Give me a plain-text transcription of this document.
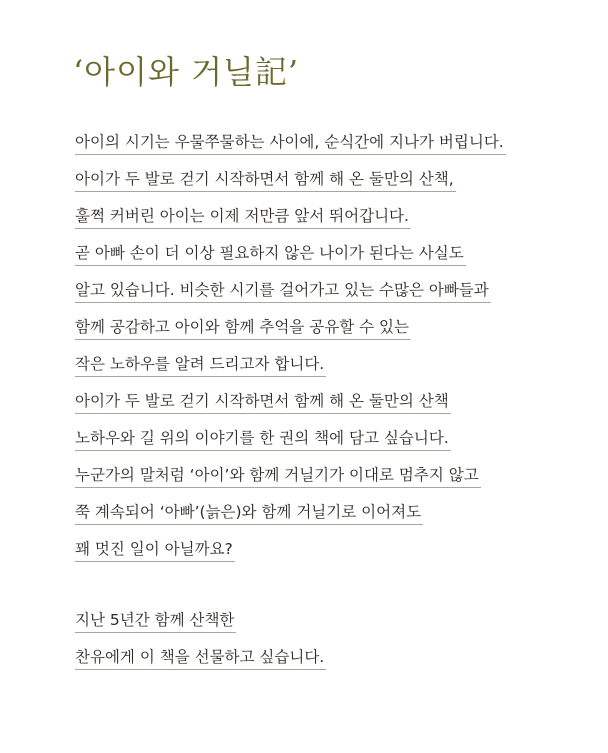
‘아이와 거닐記’
아이의 시기는 우물쭈물하는 사이에, 순식간에 지나가 버립니다.
아이가 두 발로 걷기 시작하면서 함께 해 온 둘만의 산책,
훌쩍 커버린 아이는 이제 저만큼 앞서 뛰어갑니다.
곧 아빠 손이 더 이상 필요하지 않은 나이가 된다는 사실도
알고 있습니다. 비슷한 시기를 걸어가고 있는 수많은 아빠들과
함께 공감하고 아이와 함께 추억을 공유할 수 있는
작은 노하우를 알려 드리고자 합니다.
아이가 두 발로 걷기 시작하면서 함께 해 온 둘만의 산책
노하우와 길 위의 이야기를 한 권의 책에 담고 싶습니다.
누군가의 말처럼 ‘아이’와 함께 거닐기가 이대로 멈추지 않고
쭉 계속되어 ‘아빠’(늙은)와 함께 거닐기로 이어져도
꽤 멋진 일이 아닐까요?
지난 5년간 함께 산책한
찬유에게 이 책을 선물하고 싶습니다.
